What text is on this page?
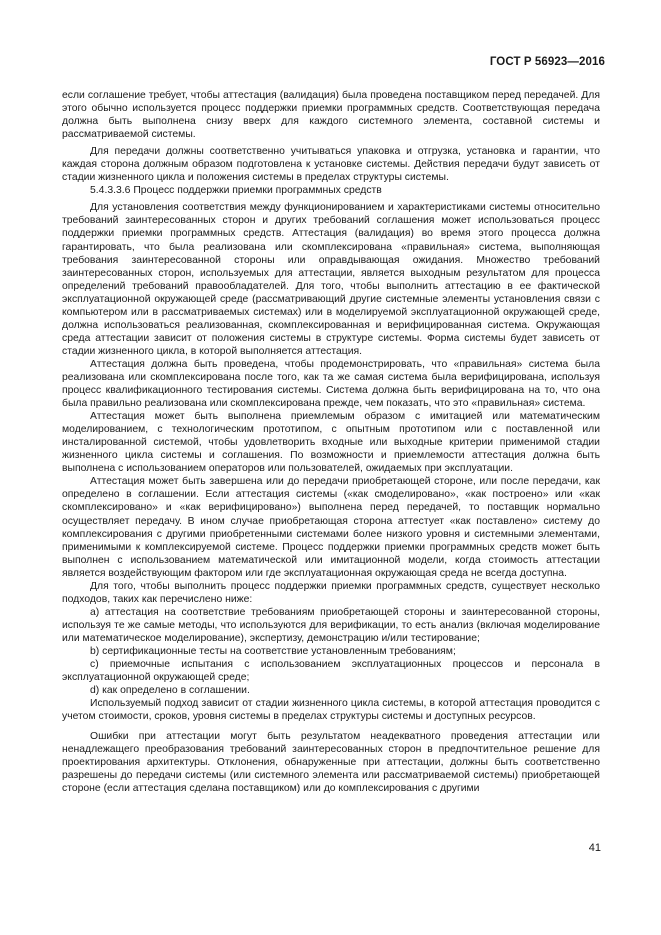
ГОСТ Р 56923—2016

если соглашение требует, чтобы аттестация (валидация) была проведена поставщиком перед передачей. Для этого обычно используется процесс поддержки приемки программных средств. Соответствующая передача должна быть выполнена снизу вверх для каждого системного элемента, составной системы и рассматриваемой системы.

Для передачи должны соответственно учитываться упаковка и отгрузка, установка и гарантии, что каждая сторона должным образом подготовлена к установке системы. Действия передачи будут зависеть от стадии жизненного цикла и положения системы в пределах структуры системы.

5.4.3.3.6 Процесс поддержки приемки программных средств

Для установления соответствия между функционированием и характеристиками системы относительно требований заинтересованных сторон и других требований соглашения может использоваться процесс поддержки приемки программных средств. Аттестация (валидация) во время этого процесса должна гарантировать, что была реализована или скомплексирована «правильная» система, выполняющая требования заинтересованной стороны или оправдывающая ожидания. Множество требований заинтересованных сторон, используемых для аттестации, является выходным результатом для процесса определений требований правообладателей. Для того, чтобы выполнить аттестацию в ее фактической эксплуатационной окружающей среде (рассматривающий другие системные элементы установления связи с компьютером или в рассматриваемых системах) или в моделируемой эксплуатационной окружающей среде, должна использоваться реализованная, скомплексированная и верифицированная система. Окружающая среда аттестации зависит от положения системы в структуре системы. Форма системы будет зависеть от стадии жизненного цикла, в которой выполняется аттестация.

Аттестация должна быть проведена, чтобы продемонстрировать, что «правильная» система была реализована или скомплексирована после того, как та же самая система была верифицирована, используя процесс квалификационного тестирования системы. Система должна быть верифицирована на то, что она была правильно реализована или скомплексирована прежде, чем показать, что это «правильная» система.

Аттестация может быть выполнена приемлемым образом с имитацией или математическим моделированием, с технологическим прототипом, с опытным прототипом или с поставленной или инсталированной системой, чтобы удовлетворить входные или выходные критерии применимой стадии жизненного цикла системы и соглашения. По возможности и приемлемости аттестация должна быть выполнена с использованием операторов или пользователей, ожидаемых при эксплуатации.

Аттестация может быть завершена или до передачи приобретающей стороне, или после передачи, как определено в соглашении. Если аттестация системы («как смоделировано», «как построено» или «как скомплексировано» и «как верифицировано») выполнена перед передачей, то поставщик нормально осуществляет передачу. В ином случае приобретающая сторона аттестует «как поставлено» систему до комплексирования с другими приобретенными системами более низкого уровня и системными элементами, применимыми к комплексируемой системе. Процесс поддержки приемки программных средств может быть выполнен с использованием математической или имитационной модели, когда стоимость аттестации является воздействующим фактором или где эксплуатационная окружающая среда не всегда доступна.

Для того, чтобы выполнить процесс поддержки приемки программных средств, существует несколько подходов, таких как перечислено ниже:

а) аттестация на соответствие требованиям приобретающей стороны и заинтересованной стороны, используя те же самые методы, что используются для верификации, то есть анализ (включая моделирование или математическое моделирование), экспертизу, демонстрацию и/или тестирование;

b) сертификационные тесты на соответствие установленным требованиям;

с) приемочные испытания с использованием эксплуатационных процессов и персонала в эксплуатационной окружающей среде;

d) как определено в соглашении.

Используемый подход зависит от стадии жизненного цикла системы, в которой аттестация проводится с учетом стоимости, сроков, уровня системы в пределах структуры системы и доступных ресурсов.

Ошибки при аттестации могут быть результатом неадекватного проведения аттестации или ненадлежащего преобразования требований заинтересованных сторон в предпочтительное решение для проектирования архитектуры. Отклонения, обнаруженные при аттестации, должны быть соответственно разрешены до передачи системы (или системного элемента или рассматриваемой системы) приобретающей стороне (если аттестация сделана поставщиком) или до комплексирования с другими

41
